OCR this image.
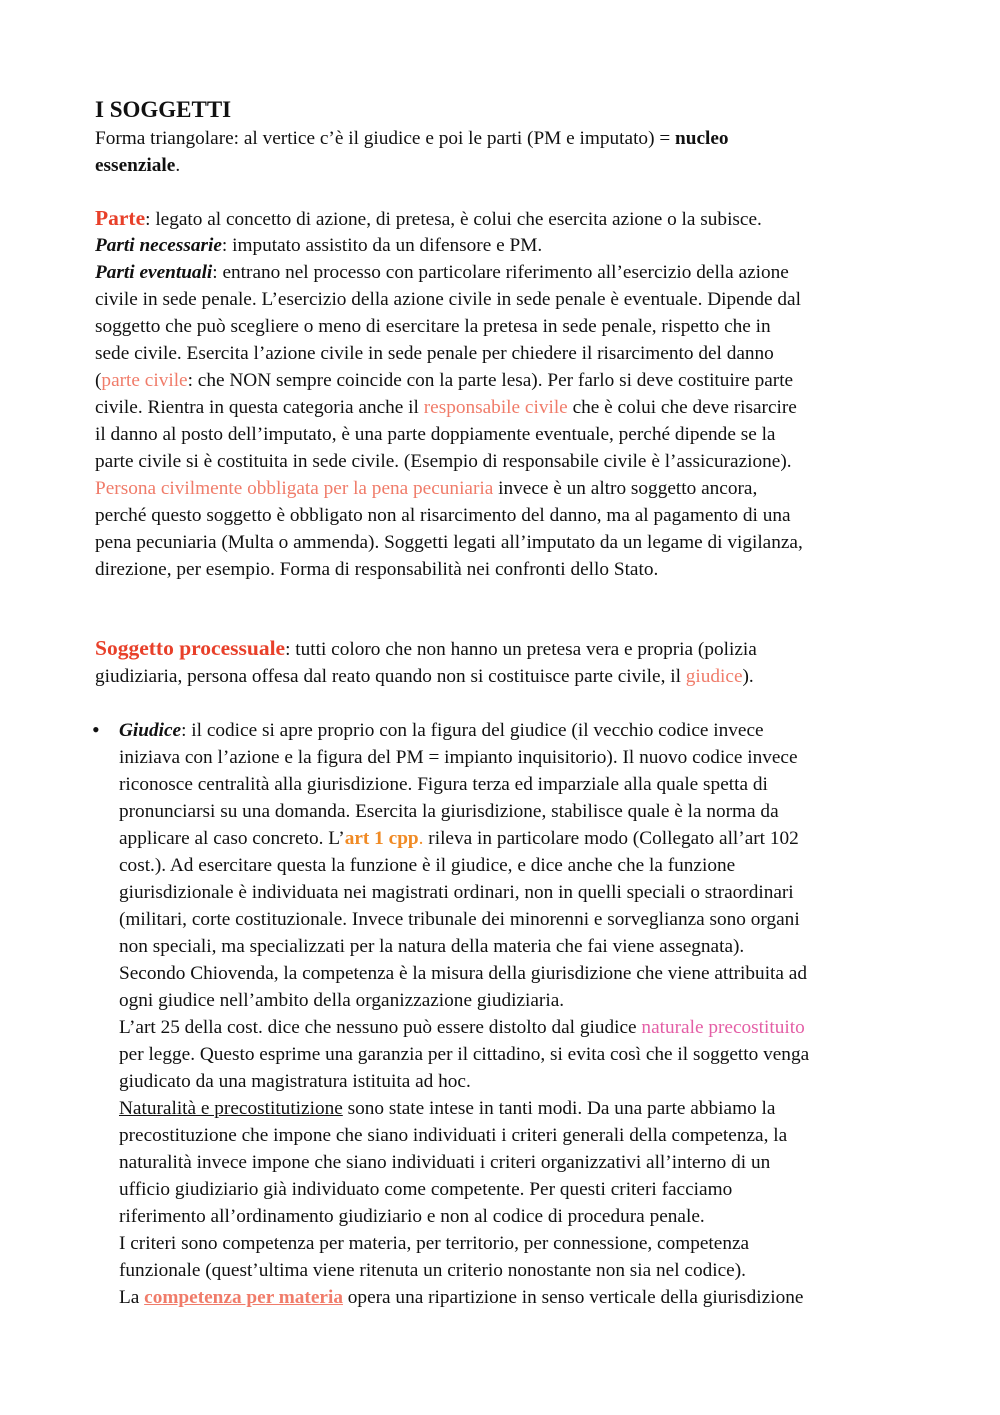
I SOGGETTI
Forma triangolare: al vertice c’è il giudice e poi le parti (PM e imputato) = nucleo
essenziale.
Parte: legato al concetto di azione, di pretesa, è colui che esercita azione o la subisce.
Parti necessarie: imputato assistito da un difensore e PM.
Parti eventuali: entrano nel processo con particolare riferimento all’esercizio della azione
civile in sede penale. L’esercizio della azione civile in sede penale è eventuale. Dipende dal
soggetto che può scegliere o meno di esercitare la pretesa in sede penale, rispetto che in
sede civile. Esercita l’azione civile in sede penale per chiedere il risarcimento del danno
(parte civile: che NON sempre coincide con la parte lesa). Per farlo si deve costituire parte
civile. Rientra in questa categoria anche il responsabile civile che è colui che deve risarcire
il danno al posto dell’imputato, è una parte doppiamente eventuale, perché dipende se la
parte civile si è costituita in sede civile. (Esempio di responsabile civile è l’assicurazione).
Persona civilmente obbligata per la pena pecuniaria invece è un altro soggetto ancora,
perché questo soggetto è obbligato non al risarcimento del danno, ma al pagamento di una
pena pecuniaria (Multa o ammenda). Soggetti legati all’imputato da un legame di vigilanza,
direzione, per esempio. Forma di responsabilità nei confronti dello Stato.
Soggetto processuale: tutti coloro che non hanno un pretesa vera e propria (polizia
giudiziaria, persona offesa dal reato quando non si costituisce parte civile, il giudice).
• Giudice: il codice si apre proprio con la figura del giudice (il vecchio codice invece
iniziava con l’azione e la figura del PM = impianto inquisitorio). Il nuovo codice invece
riconosce centralità alla giurisdizione. Figura terza ed imparziale alla quale spetta di
pronunciarsi su una domanda. Esercita la giurisdizione, stabilisce quale è la norma da
applicare al caso concreto. L’art 1 cpp. rileva in particolare modo (Collegato all’art 102
cost.). Ad esercitare questa la funzione è il giudice, e dice anche che la funzione
giurisdizionale è individuata nei magistrati ordinari, non in quelli speciali o straordinari
(militari, corte costituzionale. Invece tribunale dei minorenni e sorveglianza sono organi
non speciali, ma specializzati per la natura della materia che fai viene assegnata).
Secondo Chiovenda, la competenza è la misura della giurisdizione che viene attribuita ad
ogni giudice nell’ambito della organizzazione giudiziaria.
L’art 25 della cost. dice che nessuno può essere distolto dal giudice naturale precostituito
per legge. Questo esprime una garanzia per il cittadino, si evita così che il soggetto venga
giudicato da una magistratura istituita ad hoc.
Naturalità e precostitutizione sono state intese in tanti modi. Da una parte abbiamo la
precostituzione che impone che siano individuati i criteri generali della competenza, la
naturalità invece impone che siano individuati i criteri organizzativi all’interno di un
ufficio giudiziario già individuato come competente. Per questi criteri facciamo
riferimento all’ordinamento giudiziario e non al codice di procedura penale.
I criteri sono competenza per materia, per territorio, per connessione, competenza
funzionale (quest’ultima viene ritenuta un criterio nonostante non sia nel codice).
La competenza per materia opera una ripartizione in senso verticale della giurisdizione
